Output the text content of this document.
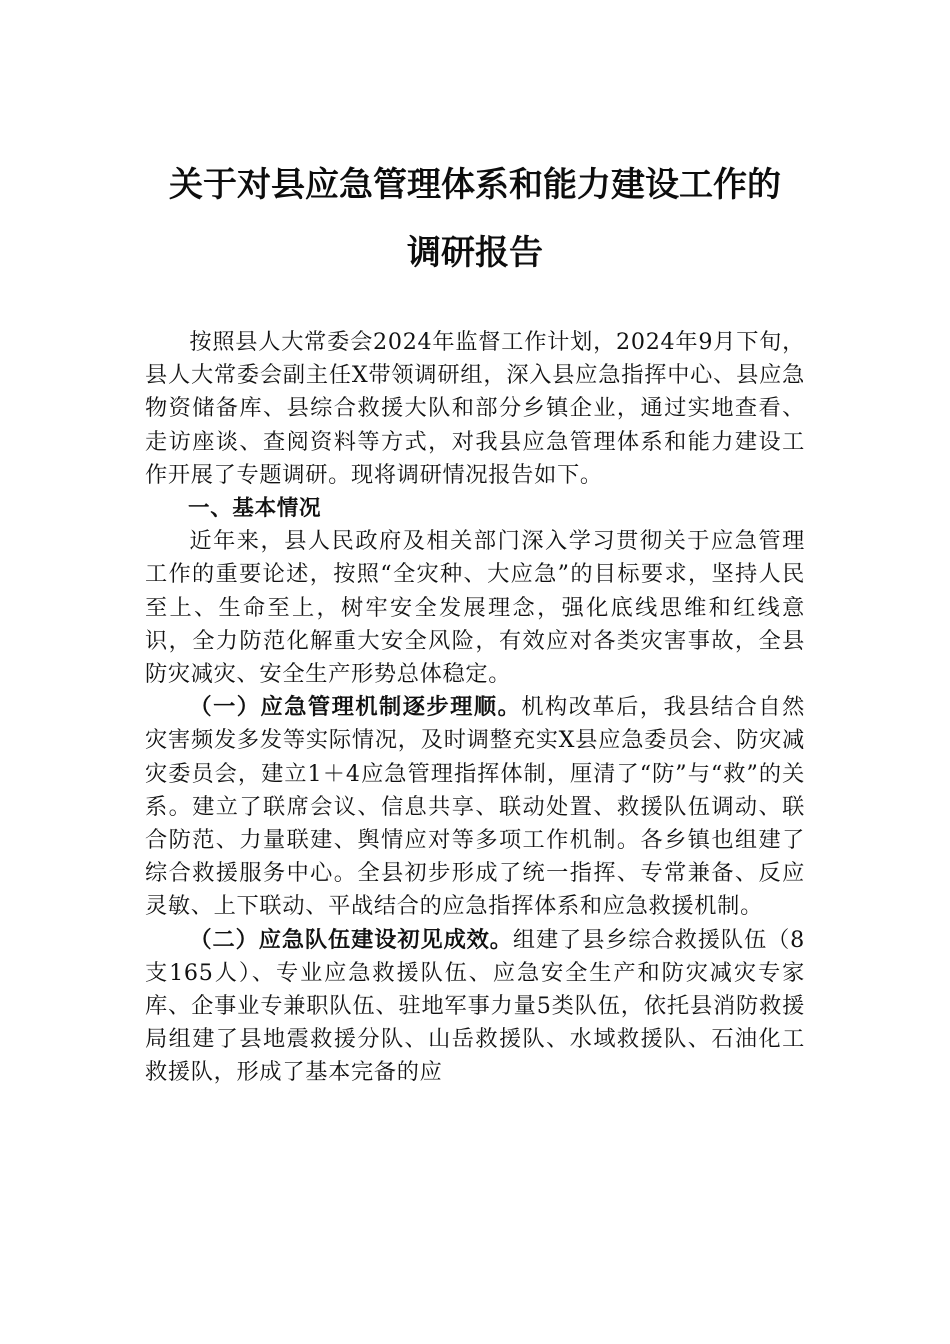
关于对县应急管理体系和能力建设工作的
调研报告

按照县人大常委会2024年监督工作计划，2024年9月下旬，县人大常委会副主任X带领调研组，深入县应急指挥中心、县应急物资储备库、县综合救援大队和部分乡镇企业，通过实地查看、走访座谈、查阅资料等方式，对我县应急管理体系和能力建设工作开展了专题调研。现将调研情况报告如下。

一、基本情况

近年来，县人民政府及相关部门深入学习贯彻关于应急管理工作的重要论述，按照“全灾种、大应急”的目标要求，坚持人民至上、生命至上，树牢安全发展理念，强化底线思维和红线意识，全力防范化解重大安全风险，有效应对各类灾害事故，全县防灾减灾、安全生产形势总体稳定。

（一）应急管理机制逐步理顺。机构改革后，我县结合自然灾害频发多发等实际情况，及时调整充实X县应急委员会、防灾减灾委员会，建立1＋4应急管理指挥体制，厘清了“防”与“救”的关系。建立了联席会议、信息共享、联动处置、救援队伍调动、联合防范、力量联建、舆情应对等多项工作机制。各乡镇也组建了综合救援服务中心。全县初步形成了统一指挥、专常兼备、反应灵敏、上下联动、平战结合的应急指挥体系和应急救援机制。

（二）应急队伍建设初见成效。组建了县乡综合救援队伍（8支165人）、专业应急救援队伍、应急安全生产和防灾减灾专家库、企事业专兼职队伍、驻地军事力量5类队伍，依托县消防救援局组建了县地震救援分队、山岳救援队、水域救援队、石油化工救援队，形成了基本完备的应
